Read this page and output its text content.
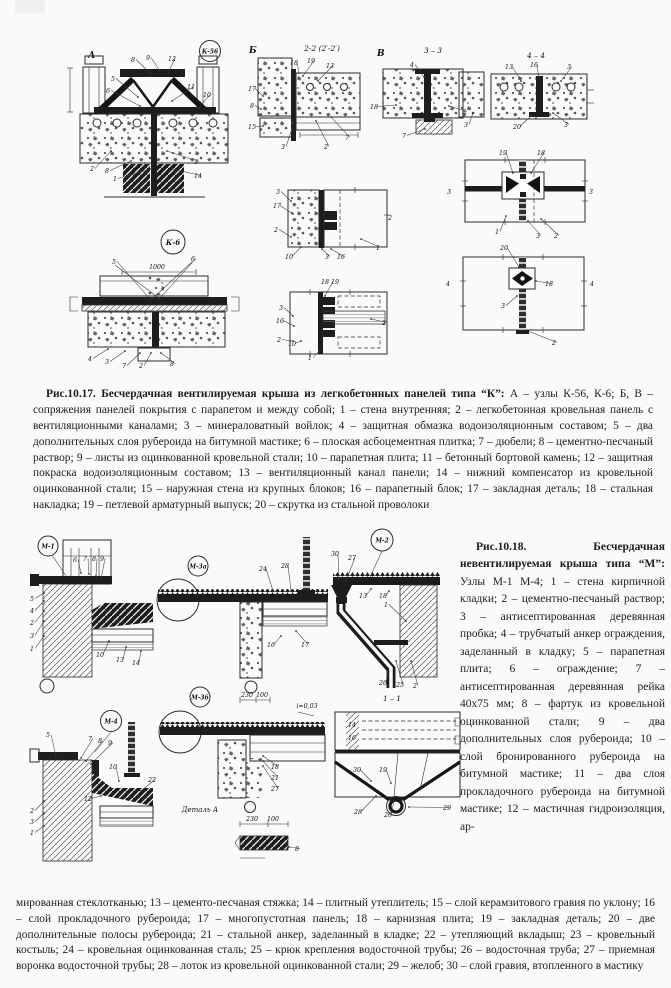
А	К-56	Б	2-2 (2′-2′)
В	3 – 3
4 – 4
К-6
1000
8 9	12
5
6
11
10
2 8
1
3
14
17
8
15
18 19
13
3	2
7
4
18
7
3
13	16	3
20	3
3
19	18
3	3
1
3 2
20
18
3
2
4	4
5	6
4 3
7 2	8
3
17
2
10	3 16
1
2
18 19
3
16
2
10
1
2

Рис.10.17. Бесчердачная вентилируемая крыша из легкобетонных панелей типа “К”: А – узлы К-56, К-6; Б, В – сопряжения панелей покрытия с парапетом и между собой; 1 – стена внутренняя; 2 – легкобетонная кровельная панель с вентиляционными каналами; 3 – минераловатный войлок; 4 – защитная обмазка водоизоляционным составом; 5 – два дополнительных слоя рубероида на битумной мастике; 6 – плоская асбоцементная плитка; 7 – дюбели; 8 – цементно-песчаный раствор; 9 – листы из оцинкованной кровельной стали; 10 – парапетная плита; 11 – бетонный бортовой камень; 12 – защитная покраска водоизоляционным составом; 13 – вентиляционный канал панели; 14 – нижний компенсатор из кровельной оцинкованной стали; 15 – наружная стена из крупных блоков; 16 – парапетный блок; 17 – закладная деталь; 18 – стальная накладка; 19 – петлевой арматурный выпуск; 20 – скрутка из стальной проволоки

М-1
М-3а
М-2
М-4
М-3б
Деталь А
1 – 1
6 7 8 9
5
4
2
3
1
10
13 14
16	17
24 28
27
30
13 18
1
26 25 2
5
7 8 9
2
3
1
10
22
12
230 100
i=0,03
18
21
27
230 100
8
14
16
30	19
29
28	26

Рис.10.18. Бесчердачная невентилируемая крыша типа “М”: Узлы М-1 М-4; 1 – стена кирпичной кладки; 2 – цементно-песчаный раствор; 3 – антисептированная деревянная пробка; 4 – трубчатый анкер ограждения, заделанный в кладку; 5 – парапетная плита; 6 – ограждение; 7 – антисептированная деревянная рейка 40x75 мм; 8 – фартук из кровельной оцинкованной стали; 9 – два дополнительных слоя рубероида; 10 – слой бронированного рубероида на битумной мастике; 11 – два слоя прокладочного рубероида на битумной мастике; 12 – мастичная гидроизоляция, ар-

мированная стеклотканью; 13 – цементо-песчаная стяжка; 14 – плитный утеплитель; 15 – слой керамзитового гравия по уклону; 16 – слой прокладочного рубероида; 17 – многопустотная панель; 18 – карнизная плита; 19 – закладная деталь; 20 – две дополнительные полосы рубероида; 21 – стальной анкер, заделанный в кладке; 22 – утепляющий вкладыш; 23 – кровельный костыль; 24 – кровельная оцинкованная сталь; 25 – крюк крепления водосточной трубы; 26 – водосточная труба; 27 – приемная воронка водосточной трубы; 28 – лоток из кровельной оцинкованной стали; 29 – желоб; 30 – слой гравия, втопленного в мастику
